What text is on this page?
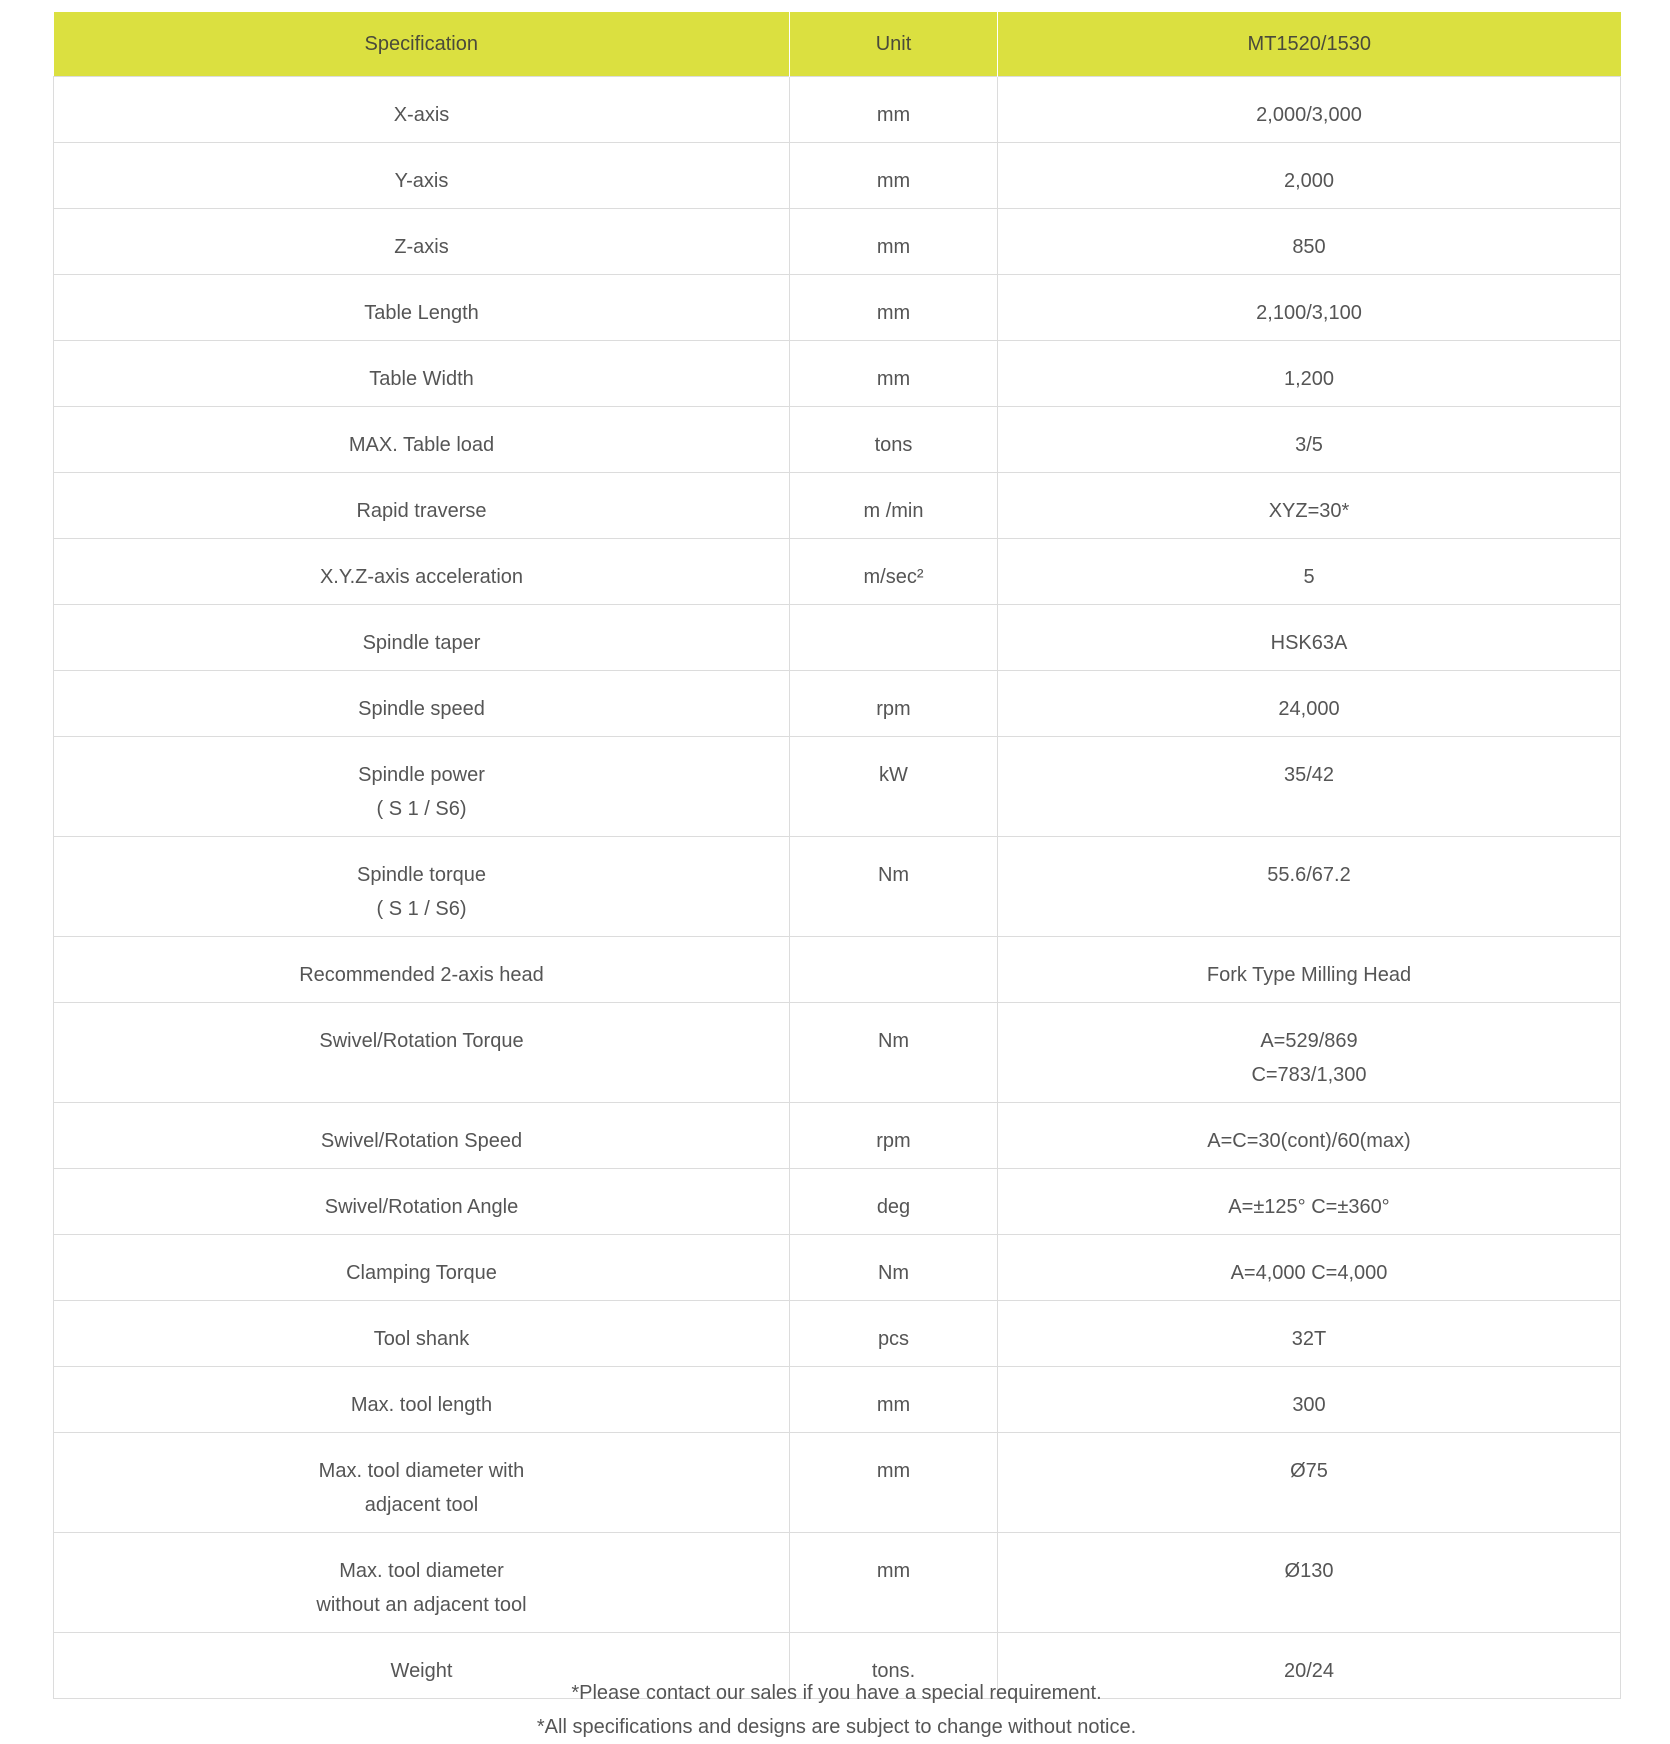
Specification	Unit	MT1520/1530

X-axis	mm	2,000/3,000

Y-axis	mm	2,000

Z-axis	mm	850

Table Length	mm	2,100/3,100

Table Width	mm	1,200

MAX. Table load	tons	3/5

Rapid traverse	m /min	XYZ=30*

X.Y.Z-axis acceleration	m/sec²	5

Spindle taper		HSK63A

Spindle speed	rpm	24,000

Spindle power
( S 1 / S6)	kW	35/42

Spindle torque
( S 1 / S6)	Nm	55.6/67.2

Recommended 2-axis head		Fork Type Milling Head

Swivel/Rotation Torque	Nm	A=529/869
C=783/1,300

Swivel/Rotation Speed	rpm	A=C=30(cont)/60(max)

Swivel/Rotation Angle	deg	A=±125° C=±360°

Clamping Torque	Nm	A=4,000 C=4,000

Tool shank	pcs	32T

Max. tool length	mm	300

Max. tool diameter with
adjacent tool	mm	Ø75

Max. tool diameter
without an adjacent tool	mm	Ø130

Weight	tons.	20/24
*Please contact our sales if you have a special requirement.
*All specifications and designs are subject to change without notice.
